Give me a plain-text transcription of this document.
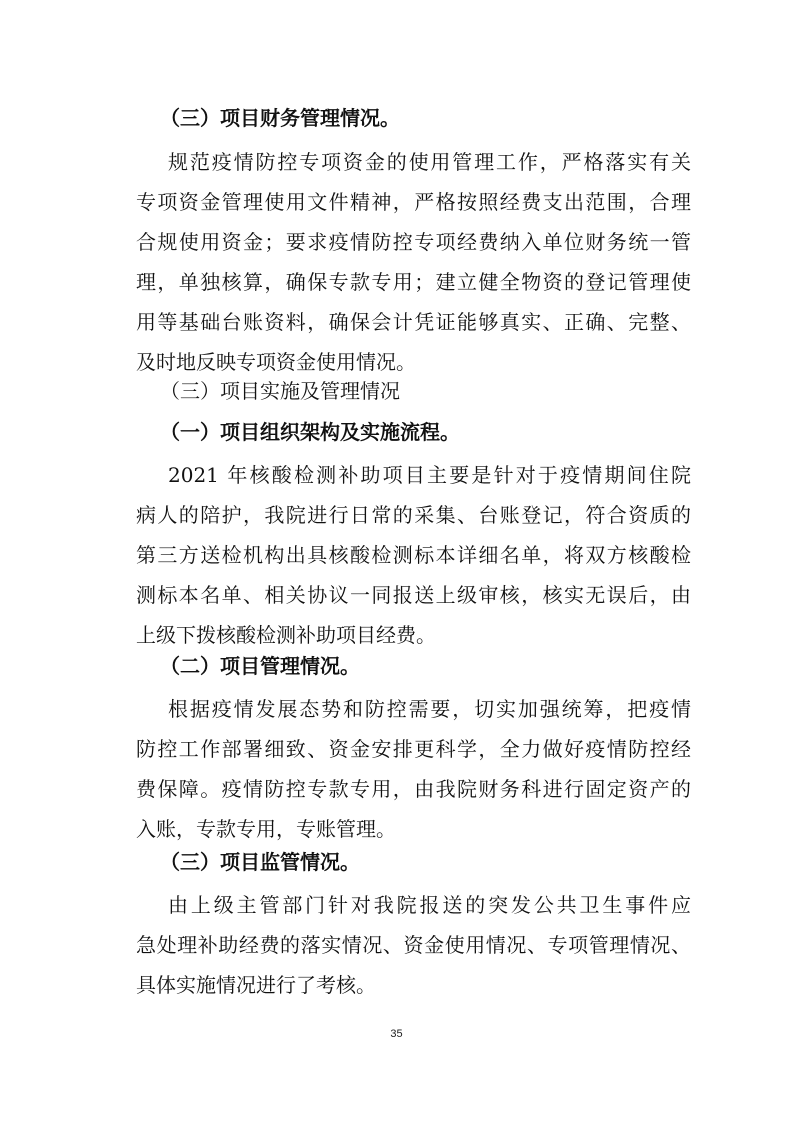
（三）项目财务管理情况。
规范疫情防控专项资金的使用管理工作，严格落实有关
专项资金管理使用文件精神，严格按照经费支出范围，合理
合规使用资金；要求疫情防控专项经费纳入单位财务统一管
理，单独核算，确保专款专用；建立健全物资的登记管理使
用等基础台账资料，确保会计凭证能够真实、正确、完整、
及时地反映专项资金使用情况。
（三）项目实施及管理情况
（一）项目组织架构及实施流程。
2021 年核酸检测补助项目主要是针对于疫情期间住院
病人的陪护，我院进行日常的采集、台账登记，符合资质的
第三方送检机构出具核酸检测标本详细名单，将双方核酸检
测标本名单、相关协议一同报送上级审核，核实无误后，由
上级下拨核酸检测补助项目经费。
（二）项目管理情况。
根据疫情发展态势和防控需要，切实加强统筹，把疫情
防控工作部署细致、资金安排更科学，全力做好疫情防控经
费保障。疫情防控专款专用，由我院财务科进行固定资产的
入账，专款专用，专账管理。
（三）项目监管情况。
由上级主管部门针对我院报送的突发公共卫生事件应
急处理补助经费的落实情况、资金使用情况、专项管理情况、
具体实施情况进行了考核。
35
